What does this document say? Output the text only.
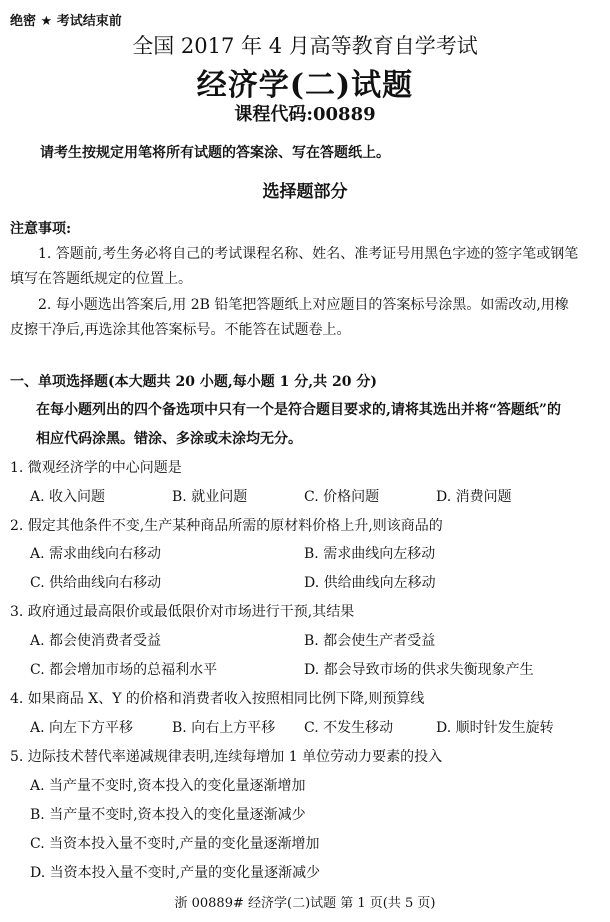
绝密 ★ 考试结束前
全国 2017 年 4 月高等教育自学考试
经济学(二)试题
课程代码:00889
请考生按规定用笔将所有试题的答案涂、写在答题纸上。
选择题部分
注意事项:
1. 答题前,考生务必将自己的考试课程名称、姓名、准考证号用黑色字迹的签字笔或钢笔
填写在答题纸规定的位置上。
2. 每小题选出答案后,用 2B 铅笔把答题纸上对应题目的答案标号涂黑。如需改动,用橡
皮擦干净后,再选涂其他答案标号。不能答在试题卷上。
一、单项选择题(本大题共 20 小题,每小题 1 分,共 20 分)
在每小题列出的四个备选项中只有一个是符合题目要求的,请将其选出并将“答题纸”的
相应代码涂黑。错涂、多涂或未涂均无分。
1. 微观经济学的中心问题是
A. 收入问题	B. 就业问题	C. 价格问题	D. 消费问题
2. 假定其他条件不变,生产某种商品所需的原材料价格上升,则该商品的
A. 需求曲线向右移动	B. 需求曲线向左移动
C. 供给曲线向右移动	D. 供给曲线向左移动
3. 政府通过最高限价或最低限价对市场进行干预,其结果
A. 都会使消费者受益	B. 都会使生产者受益
C. 都会增加市场的总福利水平	D. 都会导致市场的供求失衡现象产生
4. 如果商品 X、Y 的价格和消费者收入按照相同比例下降,则预算线
A. 向左下方平移	B. 向右上方平移 C. 不发生移动	D. 顺时针发生旋转
5. 边际技术替代率递减规律表明,连续每增加 1 单位劳动力要素的投入
A. 当产量不变时,资本投入的变化量逐渐增加
B. 当产量不变时,资本投入的变化量逐渐减少
C. 当资本投入量不变时,产量的变化量逐渐增加
D. 当资本投入量不变时,产量的变化量逐渐减少
浙 00889# 经济学(二)试题 第 1 页(共 5 页)
